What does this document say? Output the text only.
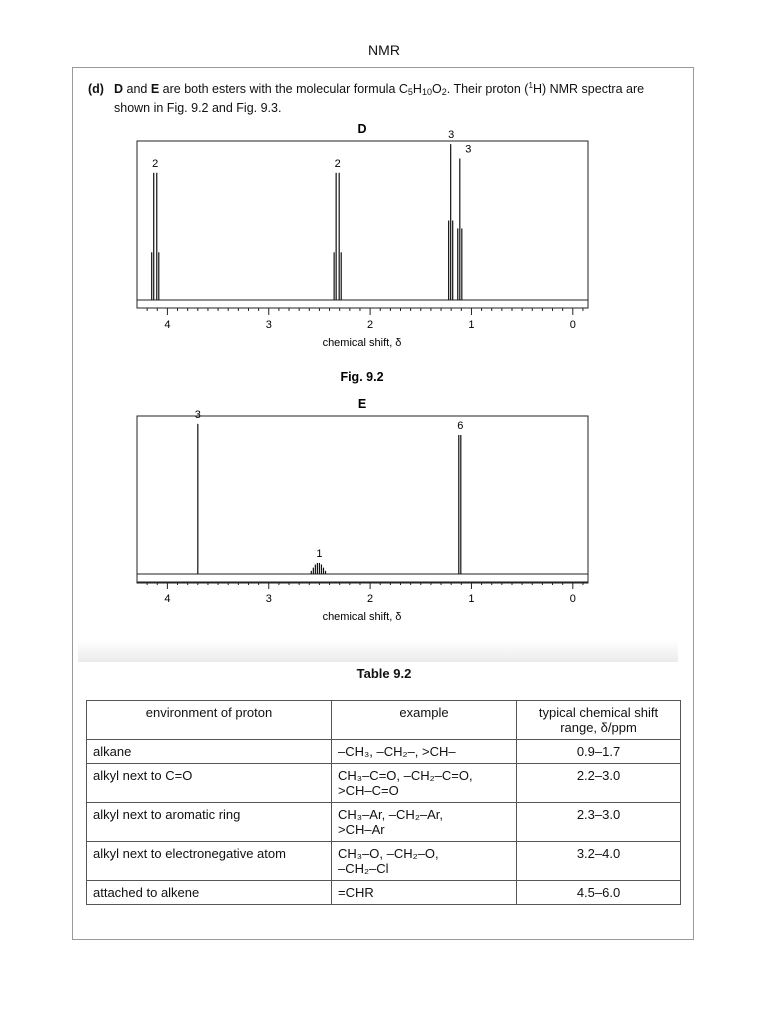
NMR
(d) D and E are both esters with the molecular formula $C_5H_{10}O_2$. Their proton ($^1$H) NMR spectra are
shown in Fig. 9.2 and Fig. 9.3.
D
4	3	2	1	0
chemical shift, δ
Fig. 9.2
2	2
3
3
E
4	3	2	1	0
chemical shift, δ
3
1
6
Table 9.2
environment of proton	example	typical chemical shift range, δ/ppm
alkane	–CH₃, –CH₂–, >CH–	0.9–1.7
alkyl next to C=O	CH₃–C=O, –CH₂–C=O,
>CH–C=O	2.2–3.0
alkyl next to aromatic ring	CH₃–Ar, –CH₂–Ar,
>CH–Ar	2.3–3.0
alkyl next to electronegative atom	CH₃–O, –CH₂–O,
–CH₂–Cl	3.2–4.0
attached to alkene	=CHR	4.5–6.0
